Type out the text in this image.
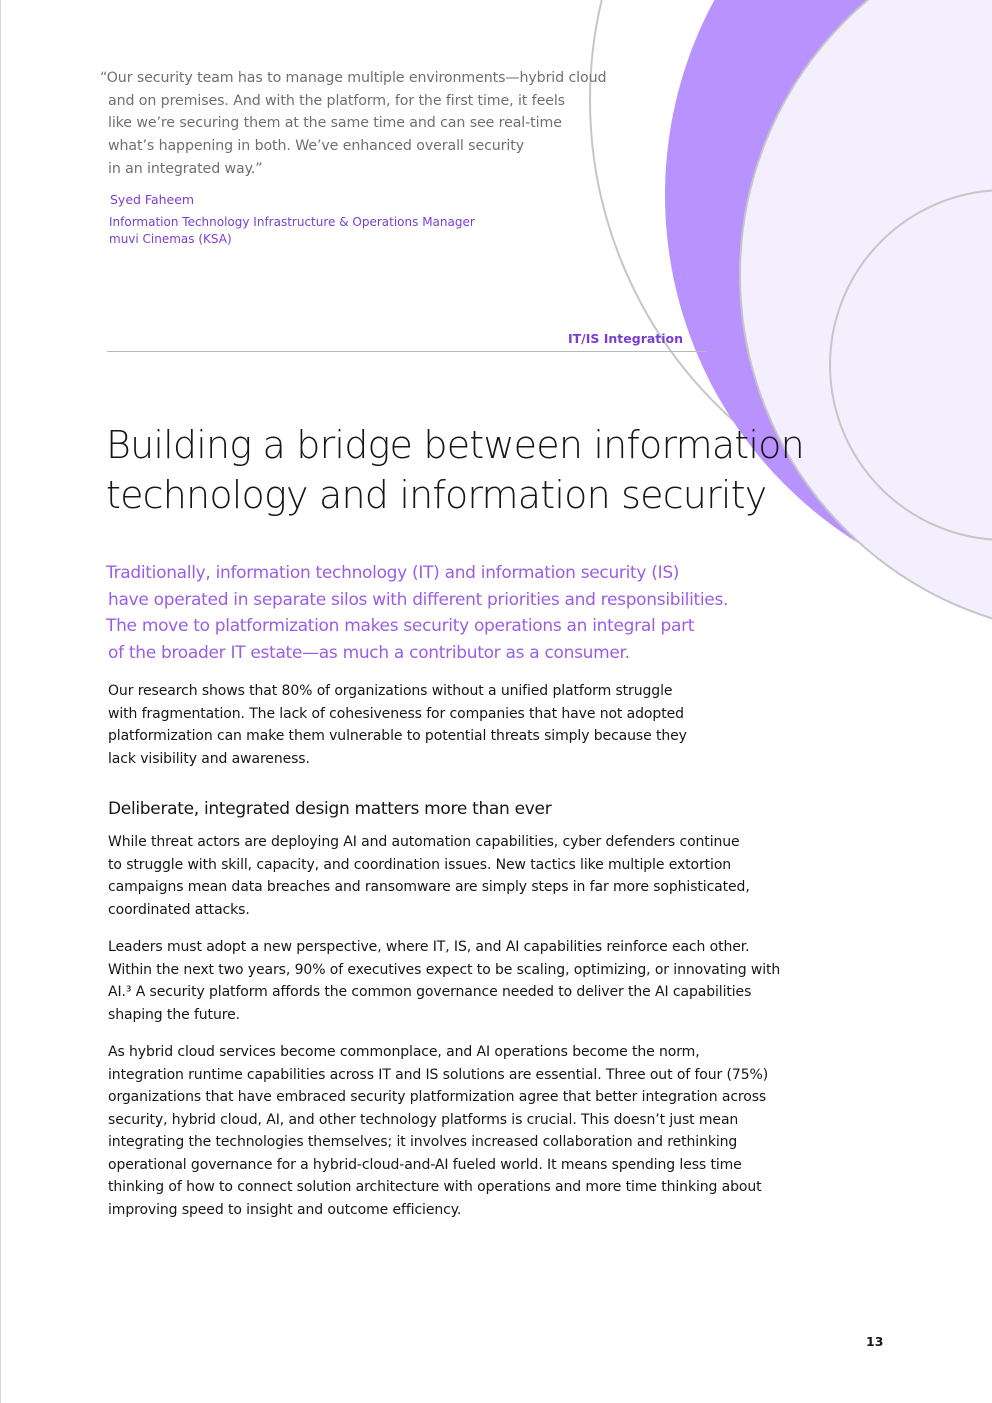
“Our security team has to manage multiple environments—hybrid cloud

and on premises. And with the platform, for the first time, it feels

like we’re securing them at the same time and can see real-time

what’s happening in both. We’ve enhanced overall security

in an integrated way.”

Syed Faheem
Information Technology Infrastructure & Operations Manager
muvi Cinemas (KSA)
IT/IS Integration
Building a bridge between information
technology and information security
Traditionally, information technology (IT) and information security (IS)
have operated in separate silos with different priorities and responsibilities.
The move to platformization makes security operations an integral part
of the broader IT estate—as much a contributor as a consumer.
Our research shows that 80% of organizations without a unified platform struggle
with fragmentation. The lack of cohesiveness for companies that have not adopted
platformization can make them vulnerable to potential threats simply because they
lack visibility and awareness.
Deliberate, integrated design matters more than ever
While threat actors are deploying AI and automation capabilities, cyber defenders continue
to struggle with skill, capacity, and coordination issues. New tactics like multiple extortion
campaigns mean data breaches and ransomware are simply steps in far more sophisticated,
coordinated attacks.
Leaders must adopt a new perspective, where IT, IS, and AI capabilities reinforce each other.
Within the next two years, 90% of executives expect to be scaling, optimizing, or innovating with
AI.³ A security platform affords the common governance needed to deliver the AI capabilities
shaping the future.
As hybrid cloud services become commonplace, and AI operations become the norm,
integration runtime capabilities across IT and IS solutions are essential. Three out of four (75%)
organizations that have embraced security platformization agree that better integration across
security, hybrid cloud, AI, and other technology platforms is crucial. This doesn’t just mean
integrating the technologies themselves; it involves increased collaboration and rethinking
operational governance for a hybrid-cloud-and-AI fueled world. It means spending less time
thinking of how to connect solution architecture with operations and more time thinking about
improving speed to insight and outcome efficiency.
13
